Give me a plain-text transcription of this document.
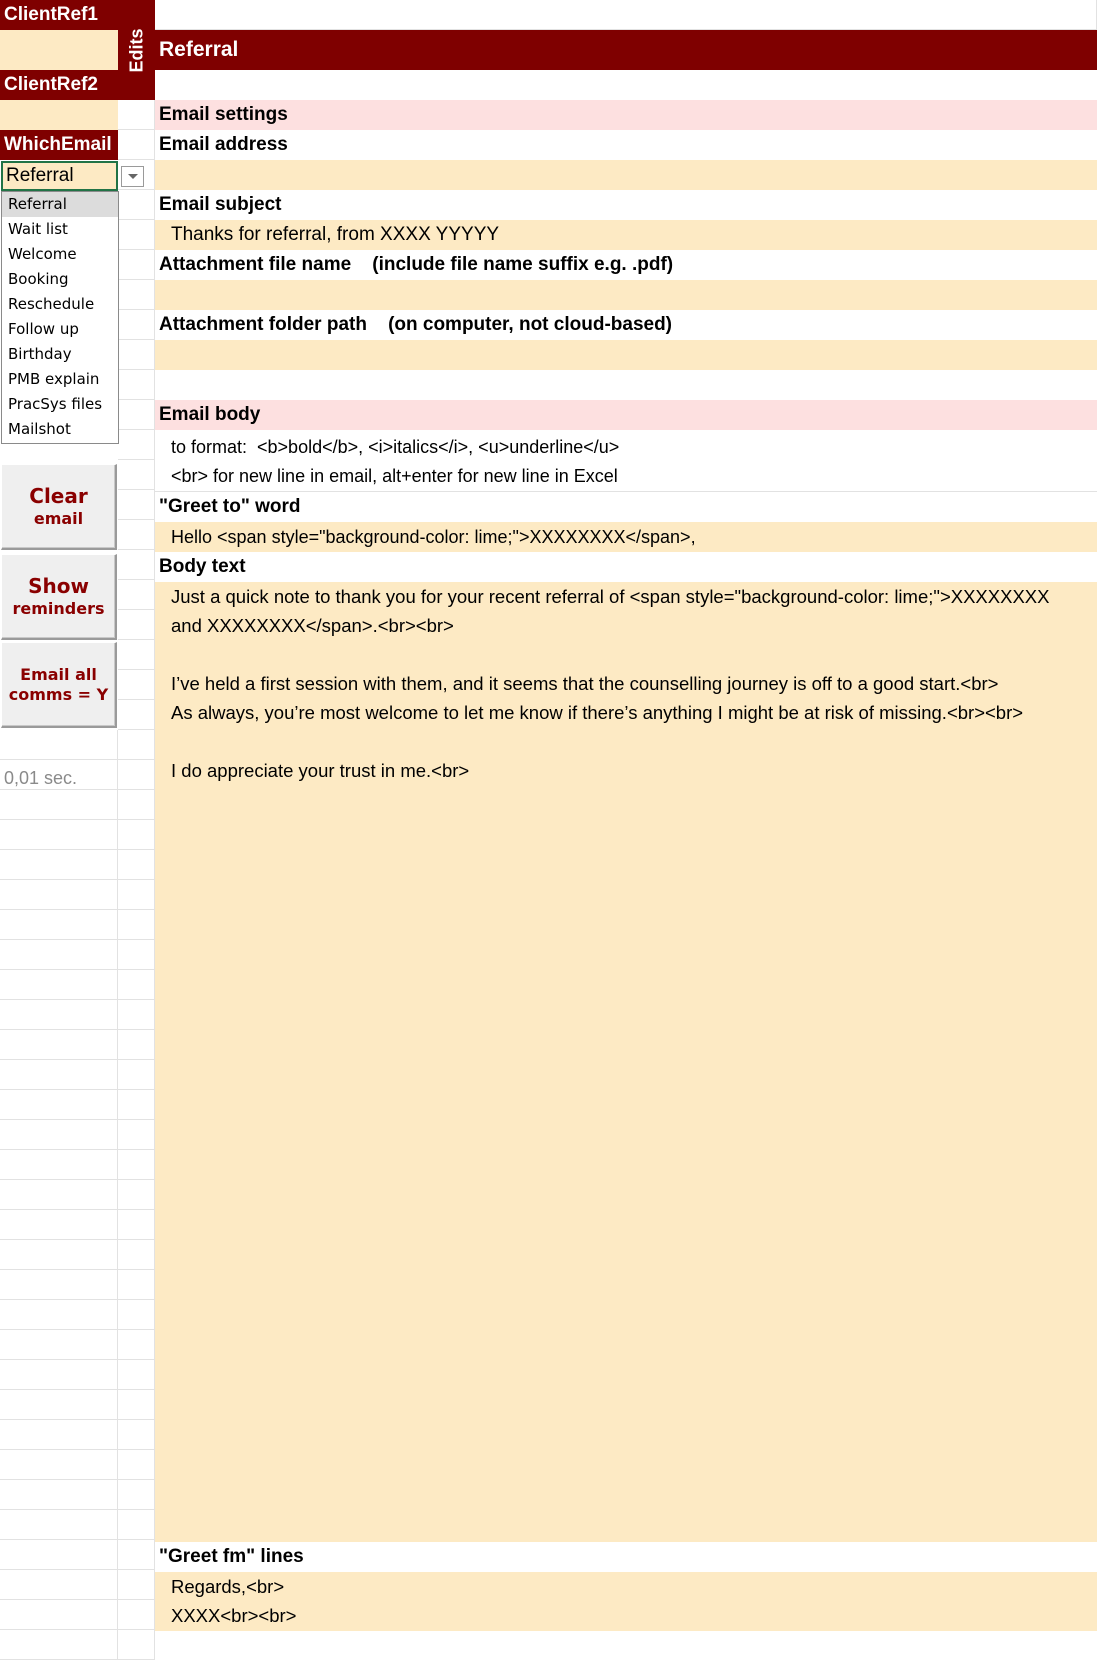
ClientRef1
ClientRef2
WhichEmail
Edits
Referral
Referral
Wait list
Welcome
Booking
Reschedule
Follow up
Birthday
PMB explain
PracSys files
Mailshot
Clear
email
Show
reminders
Email all
comms = Y
0,01 sec.
Referral
Email settings
Email address
Email subject
Thanks for referral, from XXXX YYYYY
Attachment file name    (include file name suffix e.g. .pdf)
Attachment folder path    (on computer, not cloud-based)
Email body
to format:  <b>bold</b>, <i>italics</i>, <u>underline</u>
<br> for new line in email, alt+enter for new line in Excel
"Greet to" word
Hello <span style="background-color: lime;">XXXXXXXX</span>,
Body text
Just a quick note to thank you for your recent referral of <span style="background-color: lime;">XXXXXXXX
and XXXXXXXX</span>.<br><br>
I’ve held a first session with them, and it seems that the counselling journey is off to a good start.<br>
As always, you’re most welcome to let me know if there’s anything I might be at risk of missing.<br><br>
I do appreciate your trust in me.<br>
"Greet fm" lines
Regards,<br>
XXXX<br><br>
